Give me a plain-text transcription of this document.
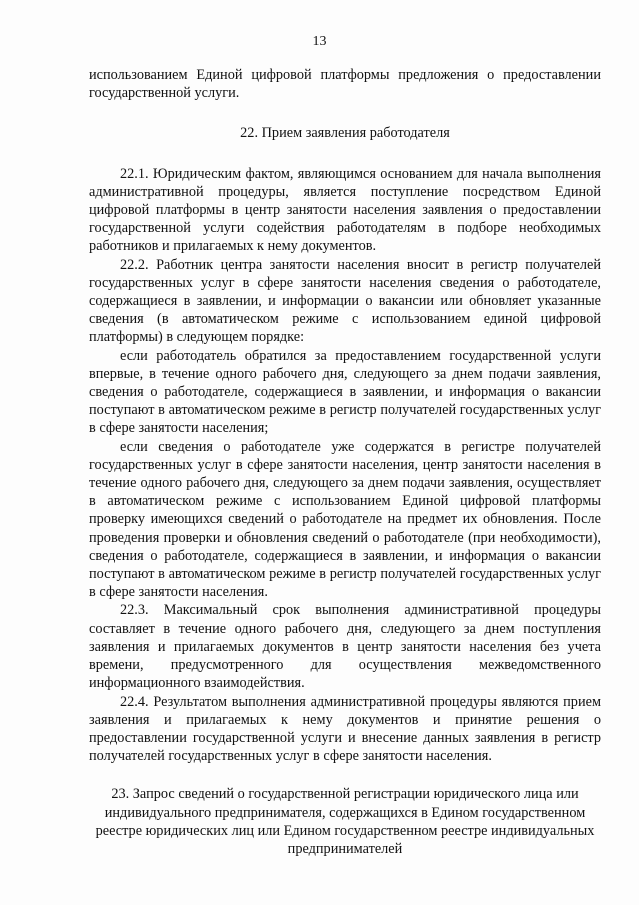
13

использованием Единой цифровой платформы предложения о предоставлении государственной услуги.

22. Прием заявления работодателя

22.1. Юридическим фактом, являющимся основанием для начала выполнения административной процедуры, является поступление посредством Единой цифровой платформы в центр занятости населения заявления о предоставлении государственной услуги содействия работодателям в подборе необходимых работников и прилагаемых к нему документов.

22.2. Работник центра занятости населения вносит в регистр получателей государственных услуг в сфере занятости населения сведения о работодателе, содержащиеся в заявлении, и информации о вакансии или обновляет указанные сведения (в автоматическом режиме с использованием единой цифровой платформы) в следующем порядке:

если работодатель обратился за предоставлением государственной услуги впервые, в течение одного рабочего дня, следующего за днем подачи заявления, сведения о работодателе, содержащиеся в заявлении, и информация о вакансии поступают в автоматическом режиме в регистр получателей государственных услуг в сфере занятости населения;

если сведения о работодателе уже содержатся в регистре получателей государственных услуг в сфере занятости населения, центр занятости населения в течение одного рабочего дня, следующего за днем подачи заявления, осуществляет в автоматическом режиме с использованием Единой цифровой платформы проверку имеющихся сведений о работодателе на предмет их обновления. После проведения проверки и обновления сведений о работодателе (при необходимости), сведения о работодателе, содержащиеся в заявлении, и информация о вакансии поступают в автоматическом режиме в регистр получателей государственных услуг в сфере занятости населения.

22.3. Максимальный срок выполнения административной процедуры составляет в течение одного рабочего дня, следующего за днем поступления заявления и прилагаемых документов в центр занятости населения без учета времени, предусмотренного для осуществления межведомственного информационного взаимодействия.

22.4. Результатом выполнения административной процедуры являются прием заявления и прилагаемых к нему документов и принятие решения о предоставлении государственной услуги и внесение данных заявления в регистр получателей государственных услуг в сфере занятости населения.

23. Запрос сведений о государственной регистрации юридического лица или индивидуального предпринимателя, содержащихся в Едином государственном реестре юридических лиц или Едином государственном реестре индивидуальных предпринимателей
